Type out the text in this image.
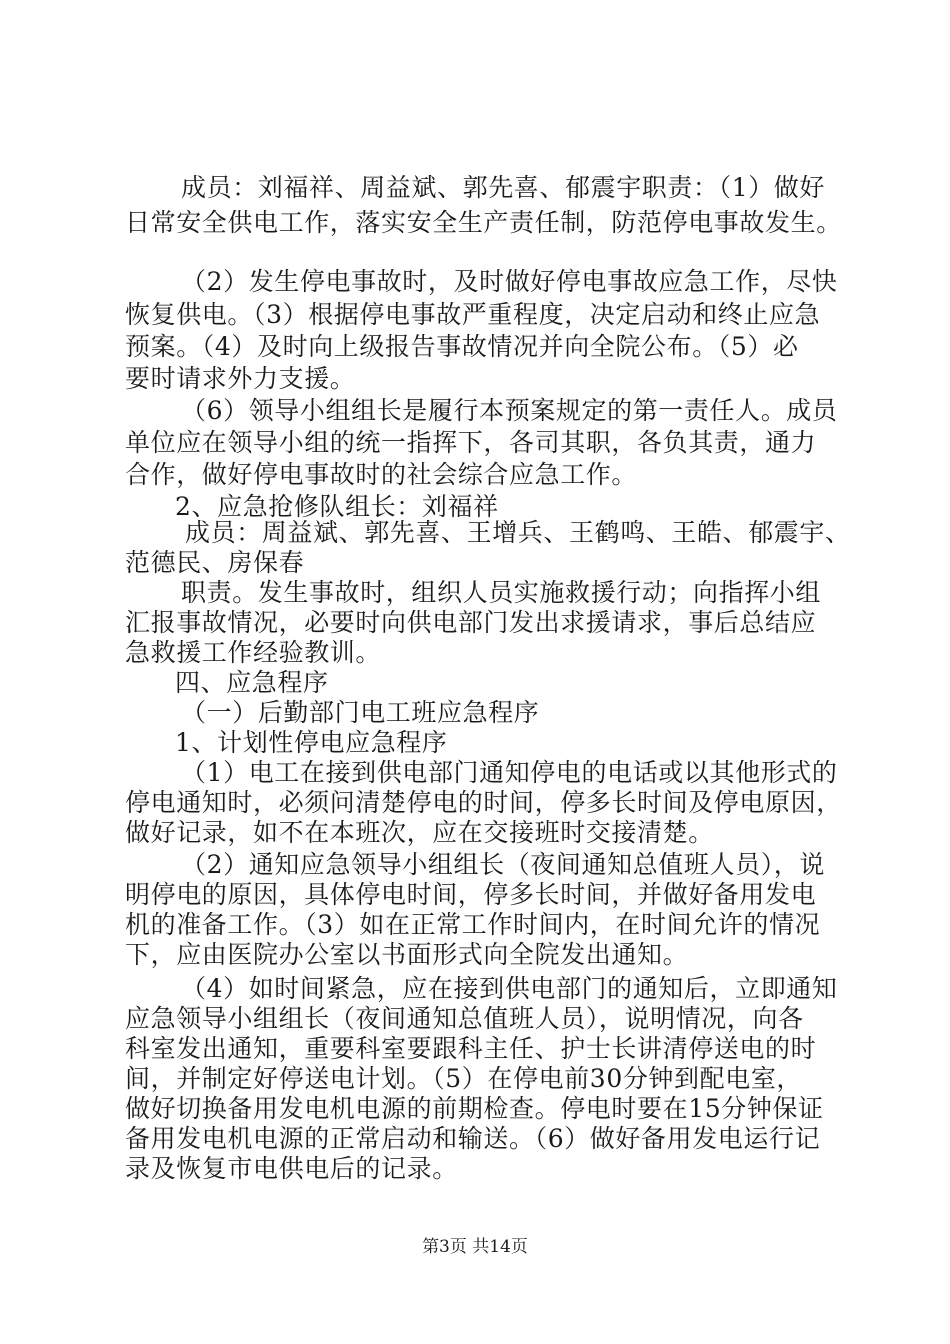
成员：刘福祥、周益斌、郭先喜、郁震宇职责：（1）做好
日常安全供电工作，落实安全生产责任制，防范停电事故发生。
（2）发生停电事故时，及时做好停电事故应急工作，尽快
恢复供电。（3）根据停电事故严重程度，决定启动和终止应急
预案。（4）及时向上级报告事故情况并向全院公布。（5）必
要时请求外力支援。
（6）领导小组组长是履行本预案规定的第一责任人。成员
单位应在领导小组的统一指挥下，各司其职，各负其责，通力
合作，做好停电事故时的社会综合应急工作。
2、应急抢修队组长：刘福祥
成员：周益斌、郭先喜、王增兵、王鹤鸣、王皓、郁震宇、
范德民、房保春
职责。发生事故时，组织人员实施救援行动；向指挥小组
汇报事故情况，必要时向供电部门发出求援请求，事后总结应
急救援工作经验教训。
四、应急程序
（一）后勤部门电工班应急程序
1、计划性停电应急程序
（1）电工在接到供电部门通知停电的电话或以其他形式的
停电通知时，必须问清楚停电的时间，停多长时间及停电原因，
做好记录，如不在本班次，应在交接班时交接清楚。
（2）通知应急领导小组组长（夜间通知总值班人员），说
明停电的原因，具体停电时间，停多长时间，并做好备用发电
机的准备工作。（3）如在正常工作时间内，在时间允许的情况
下，应由医院办公室以书面形式向全院发出通知。
（4）如时间紧急，应在接到供电部门的通知后，立即通知
应急领导小组组长（夜间通知总值班人员），说明情况，向各
科室发出通知，重要科室要跟科主任、护士长讲清停送电的时
间，并制定好停送电计划。（5）在停电前30分钟到配电室，
做好切换备用发电机电源的前期检查。停电时要在15分钟保证
备用发电机电源的正常启动和输送。（6）做好备用发电运行记
录及恢复市电供电后的记录。
第3页 共14页
